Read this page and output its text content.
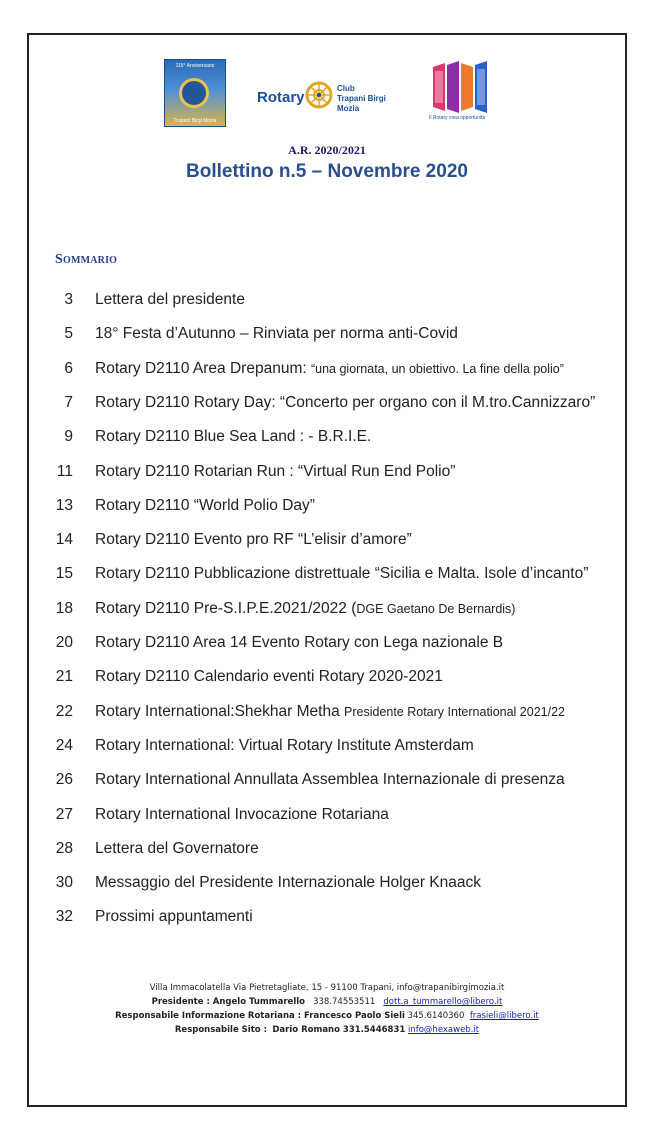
115° Anniversario
Trapani Birgi Mozia
Rotary
Club
Trapani Birgi Mozia
Il Rotary crea opportunità
A.R. 2020/2021
Bollettino n.5 – Novembre 2020
Sommario
3 Lettera del presidente
5 18° Festa d’Autunno – Rinviata per norma anti-Covid
6 Rotary D2110 Area Drepanum: “una giornata, un obiettivo. La fine della polio”
7 Rotary D2110 Rotary Day: “Concerto per organo con il M.tro.Cannizzaro”
9 Rotary D2110 Blue Sea Land : - B.R.I.E.
11 Rotary D2110 Rotarian Run : “Virtual Run End Polio”
13 Rotary D2110 “World Polio Day”
14 Rotary D2110 Evento pro RF “L’elisir d’amore”
15 Rotary D2110 Pubblicazione distrettuale “Sicilia e Malta. Isole d’incanto”
18 Rotary D2110 Pre-S.I.P.E.2021/2022 (DGE Gaetano De Bernardis)
20 Rotary D2110 Area 14 Evento Rotary con Lega nazionale B
21 Rotary D2110 Calendario eventi Rotary 2020-2021
22 Rotary International:Shekhar Metha Presidente Rotary International 2021/22
24 Rotary International: Virtual Rotary Institute Amsterdam
26 Rotary International Annullata Assemblea Internazionale di presenza
27 Rotary International Invocazione Rotariana
28 Lettera del Governatore
30 Messaggio del Presidente Internazionale Holger Knaack
32 Prossimi appuntamenti
Villa Immacolatella Via Pietretagliate, 15 - 91100 Trapani, info@trapanibirgimozia.it
Presidente : Angelo Tummarello 338.74553511 dott.a_tummarello@libero.it
Responsabile Informazione Rotariana : Francesco Paolo Sieli 345.6140360 frasieli@libero.it
Responsabile Sito : Dario Romano 331.5446831 info@hexaweb.it
